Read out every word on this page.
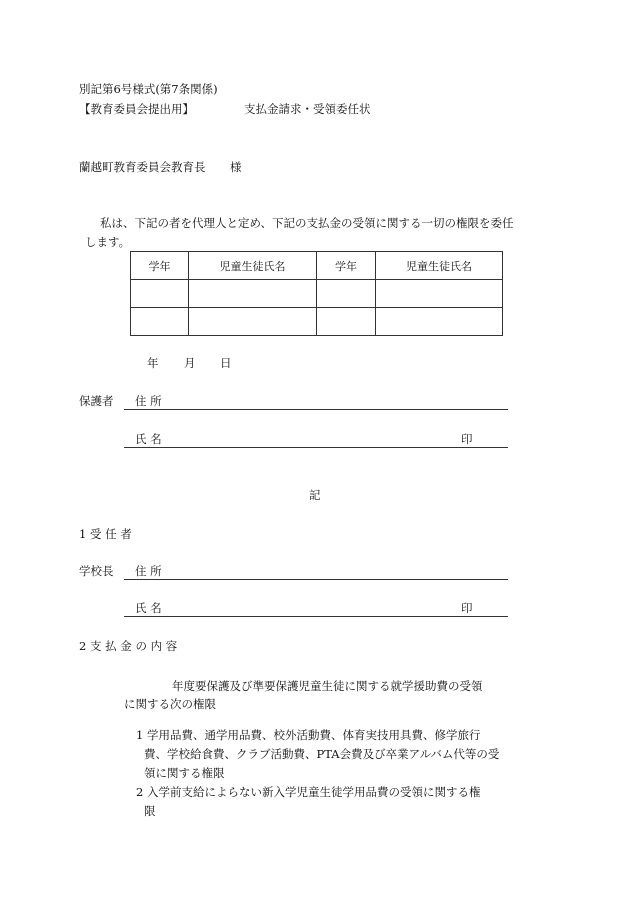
別記第6号様式(第7条関係)
【教育委員会提出用】	支払金請求・受領委任状
蘭越町教育委員会教育長 様
私は、下記の者を代理人と定め、下記の支払金の受領に関する一切の権限を委任
します。
学年	児童生徒氏名	学年	児童生徒氏名

年 月 日
保護者 住 所
氏 名	印
記
1 受 任 者
学校長 住 所
氏 名	印
2 支 払 金 の 内 容
年度要保護及び準要保護児童生徒に関する就学援助費の受領
に関する次の権限
1 学用品費、通学用品費、校外活動費、体育実技用具費、修学旅行
費、学校給食費、クラブ活動費、PTA会費及び卒業アルバム代等の受
領に関する権限
2 入学前支給によらない新入学児童生徒学用品費の受領に関する権
限
